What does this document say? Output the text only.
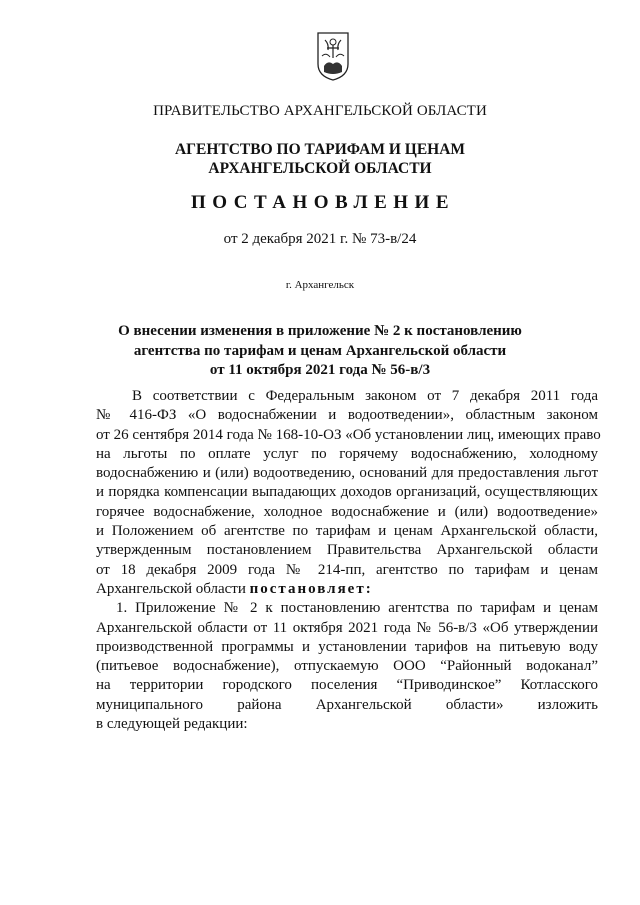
ПРАВИТЕЛЬСТВО АРХАНГЕЛЬСКОЙ ОБЛАСТИ
АГЕНТСТВО ПО ТАРИФАМ И ЦЕНАМ
АРХАНГЕЛЬСКОЙ ОБЛАСТИ
ПОСТАНОВЛЕНИЕ
от 2 декабря 2021 г. № 73-в/24
г. Архангельск
О внесении изменения в приложение № 2 к постановлению
агентства по тарифам и ценам Архангельской области
от 11 октября 2021 года № 56-в/3
В соответствии с Федеральным законом от 7 декабря 2011 года
№ 416-ФЗ «О водоснабжении и водоотведении», областным законом
от 26 сентября 2014 года № 168-10-ОЗ «Об установлении лиц, имеющих право
на льготы по оплате услуг по горячему водоснабжению, холодному
водоснабжению и (или) водоотведению, оснований для предоставления льгот
и порядка компенсации выпадающих доходов организаций, осуществляющих
горячее водоснабжение, холодное водоснабжение и (или) водоотведение»
и Положением об агентстве по тарифам и ценам Архангельской области,
утвержденным постановлением Правительства Архангельской области
от 18 декабря 2009 года № 214-пп, агентство по тарифам и ценам
Архангельской области постановляет:
1. Приложение № 2 к постановлению агентства по тарифам и ценам
Архангельской области от 11 октября 2021 года № 56-в/3 «Об утверждении
производственной программы и установлении тарифов на питьевую воду
(питьевое водоснабжение), отпускаемую ООО “Районный водоканал”
на территории городского поселения “Приводинское” Котласского
муниципального района Архангельской области» изложить
в следующей редакции:
